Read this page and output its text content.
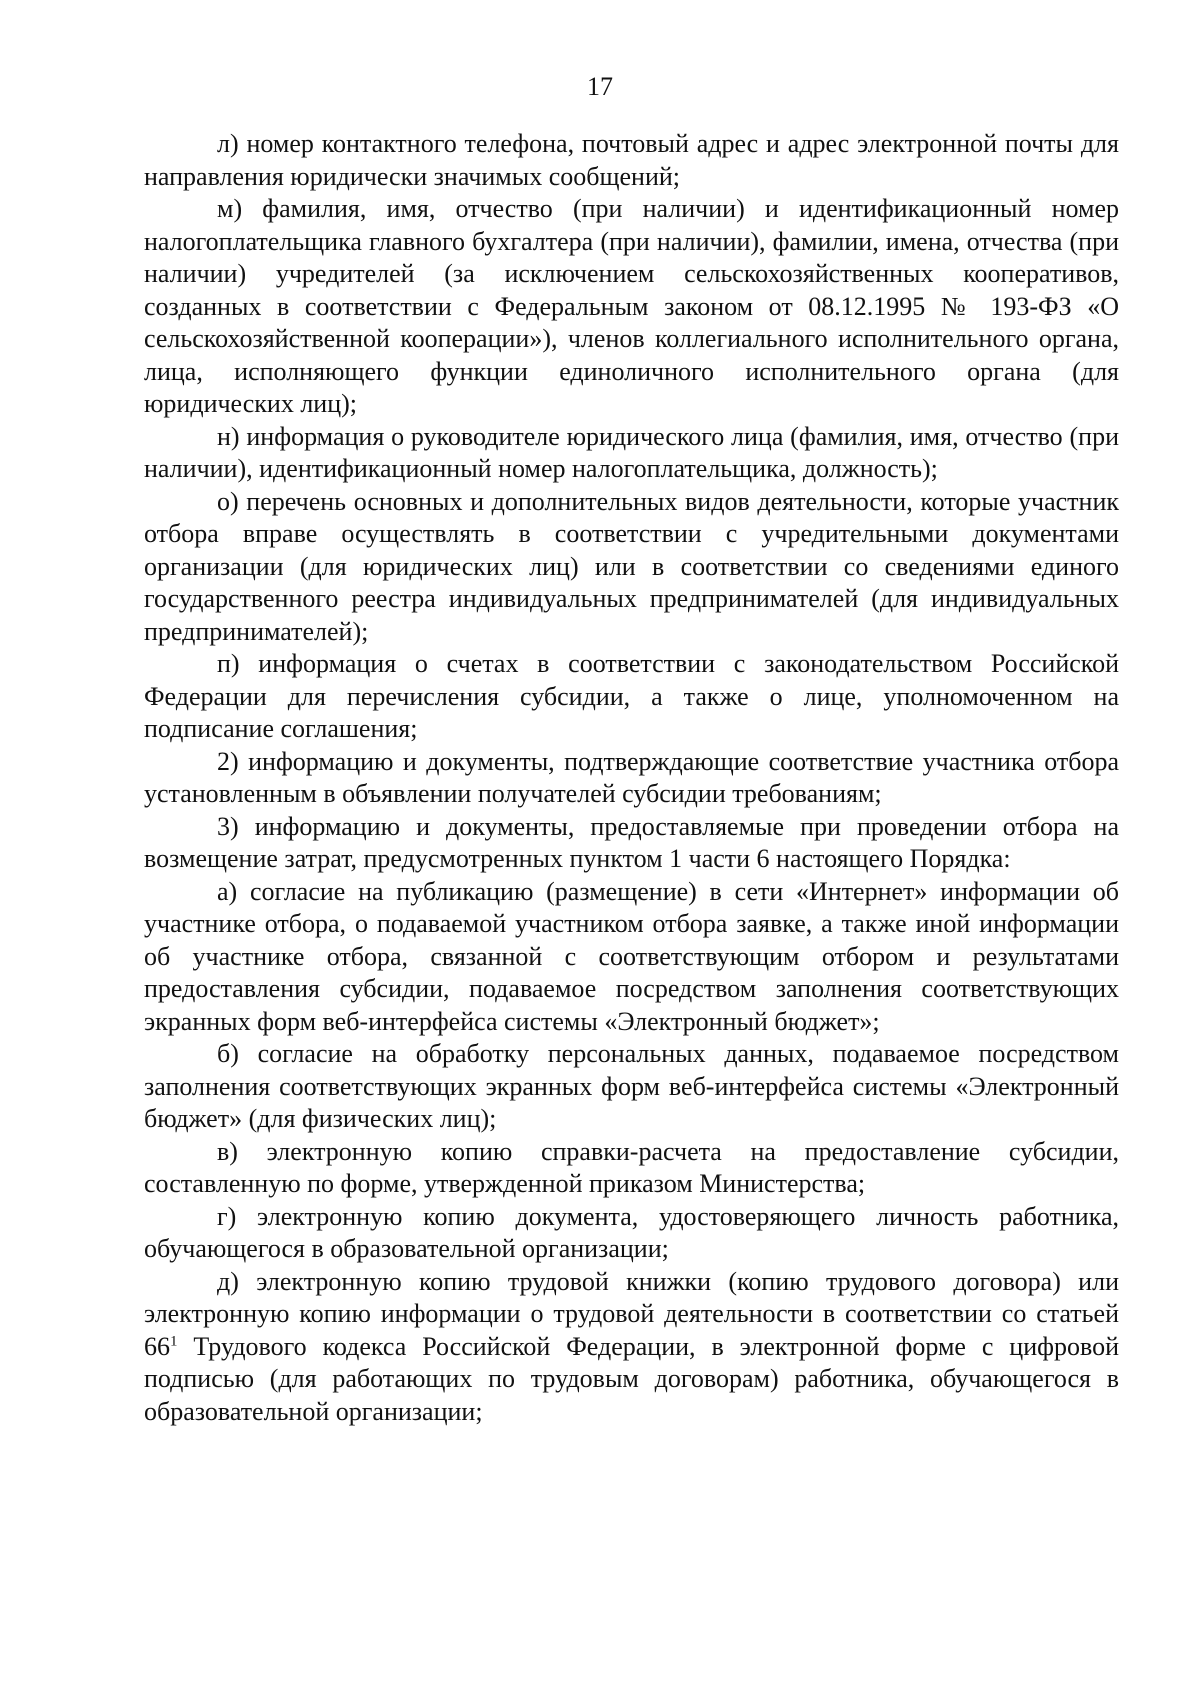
17

л) номер контактного телефона, почтовый адрес и адрес электронной почты для направления юридически значимых сообщений;

м) фамилия, имя, отчество (при наличии) и идентификационный номер налогоплательщика главного бухгалтера (при наличии), фамилии, имена, отчества (при наличии) учредителей (за исключением сельскохозяйственных кооперативов, созданных в соответствии с Федеральным законом от 08.12.1995 № 193-ФЗ «О сельскохозяйственной кооперации»), членов коллегиального исполнительного органа, лица, исполняющего функции единоличного исполнительного органа (для юридических лиц);

н) информация о руководителе юридического лица (фамилия, имя, отчество (при наличии), идентификационный номер налогоплательщика, должность);

о) перечень основных и дополнительных видов деятельности, которые участник отбора вправе осуществлять в соответствии с учредительными документами организации (для юридических лиц) или в соответствии со сведениями единого государственного реестра индивидуальных предпринимателей (для индивидуальных предпринимателей);

п) информация о счетах в соответствии с законодательством Российской Федерации для перечисления субсидии, а также о лице, уполномоченном на подписание соглашения;

2) информацию и документы, подтверждающие соответствие участника отбора установленным в объявлении получателей субсидии требованиям;

3) информацию и документы, предоставляемые при проведении отбора на возмещение затрат, предусмотренных пунктом 1 части 6 настоящего Порядка:

а) согласие на публикацию (размещение) в сети «Интернет» информации об участнике отбора, о подаваемой участником отбора заявке, а также иной информации об участнике отбора, связанной с соответствующим отбором и результатами предоставления субсидии, подаваемое посредством заполнения соответствующих экранных форм веб-интерфейса системы «Электронный бюджет»;

б) согласие на обработку персональных данных, подаваемое посредством заполнения соответствующих экранных форм веб-интерфейса системы «Электронный бюджет» (для физических лиц);

в) электронную копию справки-расчета на предоставление субсидии, составленную по форме, утвержденной приказом Министерства;

г) электронную копию документа, удостоверяющего личность работника, обучающегося в образовательной организации;

д) электронную копию трудовой книжки (копию трудового договора) или электронную копию информации о трудовой деятельности в соответствии со статьей $66^1$ Трудового кодекса Российской Федерации, в электронной форме с цифровой подписью (для работающих по трудовым договорам) работника, обучающегося в образовательной организации;
